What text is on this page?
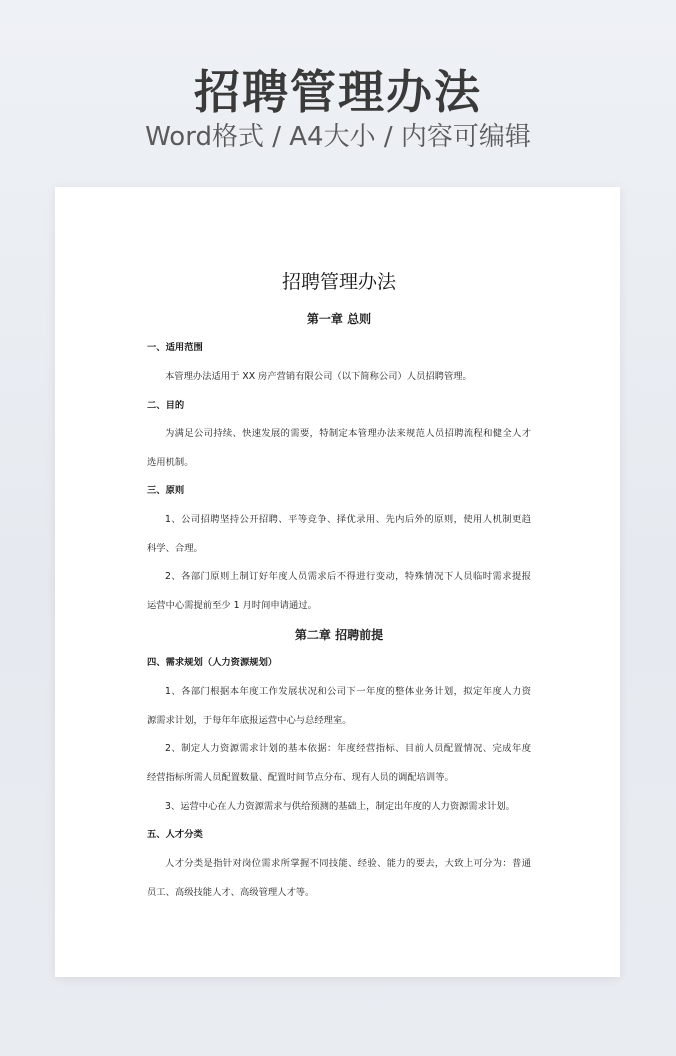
招聘管理办法
Word格式 / A4大小 / 内容可编辑
招聘管理办法
第一章 总则
一、适用范围
本管理办法适用于 XX 房产营销有限公司（以下简称公司）人员招聘管理。
二、目的
为满足公司持续、快速发展的需要，特制定本管理办法来规范人员招聘流程和健全人才
选用机制。
三、原则
1、公司招聘坚持公开招聘、平等竞争、择优录用、先内后外的原则，使用人机制更趋
科学、合理。
2、各部门原则上制订好年度人员需求后不得进行变动，特殊情况下人员临时需求提报
运营中心需提前至少 1 月时间申请通过。
第二章 招聘前提
四、需求规划（人力资源规划）
1、各部门根据本年度工作发展状况和公司下一年度的整体业务计划，拟定年度人力资
源需求计划，于每年年底报运营中心与总经理室。
2、制定人力资源需求计划的基本依据：年度经营指标、目前人员配置情况、完成年度
经营指标所需人员配置数量、配置时间节点分布、现有人员的调配培训等。
3、运营中心在人力资源需求与供给预测的基础上，制定出年度的人力资源需求计划。
五、人才分类
人才分类是指针对岗位需求所掌握不同技能、经验、能力的要去，大致上可分为：普通
员工、高级技能人才、高级管理人才等。
